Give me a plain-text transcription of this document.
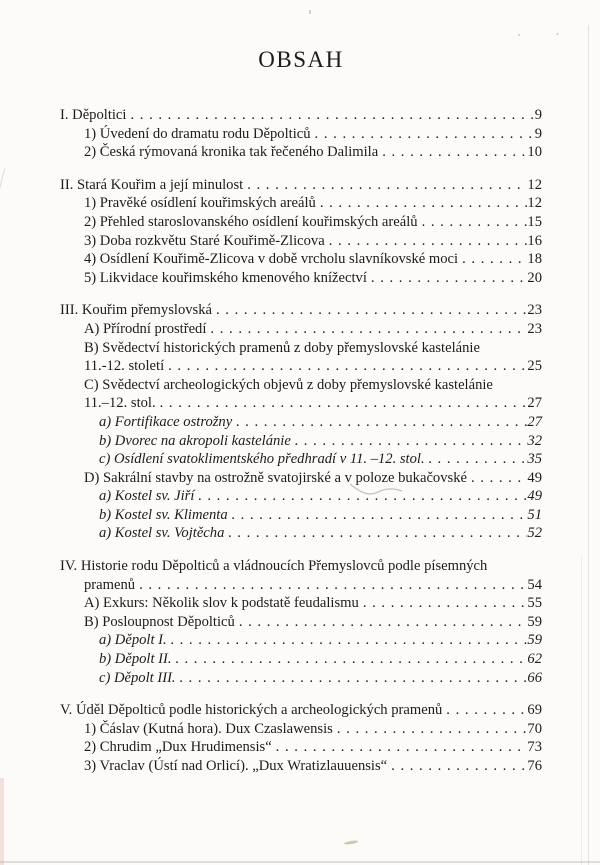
OBSAH
I. Děpoltici . . .	9
1) Úvedení do dramatu rodu Děpolticů . . .	9
2) Česká rýmovaná kronika tak řečeného Dalimila . . .	10
II. Stará Kouřim a její minulost . . .	12
1) Pravěké osídlení kouřimských areálů . . .	12
2) Přehled staroslovanského osídlení kouřimských areálů . . .	15
3) Doba rozkvětu Staré Kouřimě-Zlicova . . .	16
4) Osídlení Kouřimě-Zlicova v době vrcholu slavníkovské moci . . .	18
5) Likvidace kouřimského kmenového knížectví . . .	20
III. Kouřim přemyslovská . . .	23
A) Přírodní prostředí . . .	23
B) Svědectví historických pramenů z doby přemyslovské kastelánie
11.-12. století . . .	25
C) Svědectví archeologických objevů z doby přemyslovské kastelánie
11.–12. stol. . . .	27
a) Fortifikace ostrožny . . .	27
b) Dvorec na akropoli kastelánie . . .	32
c) Osídlení svatoklimentského předhradí v 11. –12. stol. . . .	35
D) Sakrální stavby na ostrožně svatojirské a v poloze bukačovské . . .	49
a) Kostel sv. Jiří . . .	49
b) Kostel sv. Klimenta . . .	51
a) Kostel sv. Vojtěcha . . .	52
IV. Historie rodu Děpolticů a vládnoucích Přemyslovců podle písemných
pramenů . . .	54
A) Exkurs: Několik slov k podstatě feudalismu . . .	55
B) Posloupnost Děpolticů . . .	59
a) Děpolt I. . . .	59
b) Děpolt II. . . .	62
c) Děpolt III. . . .	66
V. Úděl Děpolticů podle historických a archeologických pramenů . . .	69
1) Čáslav (Kutná hora). Dux Czaslawensis . . .	70
2) Chrudim „Dux Hrudimensis“ . . .	73
3) Vraclav (Ústí nad Orlicí). „Dux Wratizlauuensis“ . . .	76
